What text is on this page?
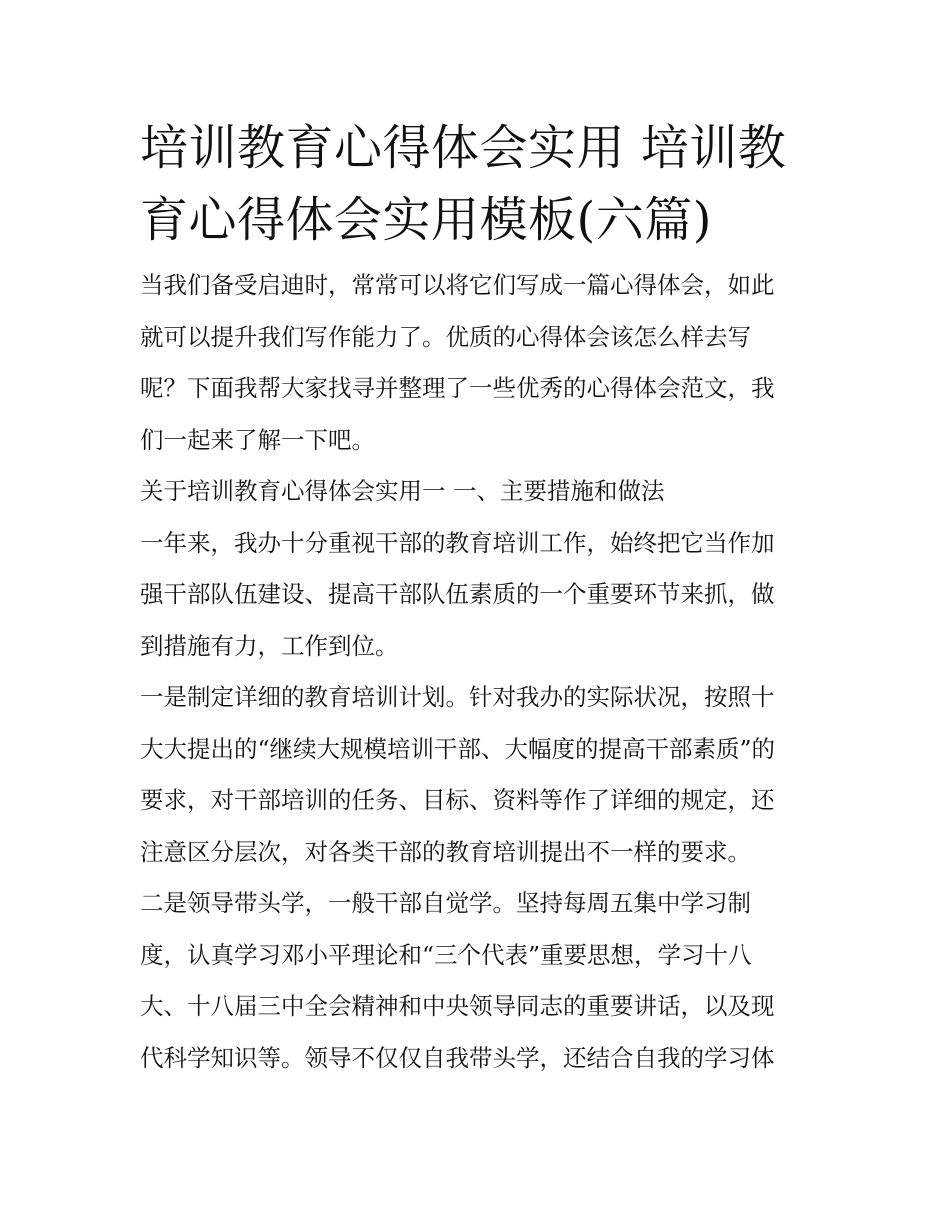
培训教育心得体会实用 培训教
育心得体会实用模板(六篇)

当我们备受启迪时，常常可以将它们写成一篇心得体会，如此
就可以提升我们写作能力了。优质的心得体会该怎么样去写
呢？下面我帮大家找寻并整理了一些优秀的心得体会范文，我
们一起来了解一下吧。

关于培训教育心得体会实用一 一、主要措施和做法

一年来，我办十分重视干部的教育培训工作，始终把它当作加
强干部队伍建设、提高干部队伍素质的一个重要环节来抓，做
到措施有力，工作到位。

一是制定详细的教育培训计划。针对我办的实际状况，按照十
大大提出的“继续大规模培训干部、大幅度的提高干部素质”的
要求，对干部培训的任务、目标、资料等作了详细的规定，还
注意区分层次，对各类干部的教育培训提出不一样的要求。

二是领导带头学，一般干部自觉学。坚持每周五集中学习制
度，认真学习邓小平理论和“三个代表”重要思想，学习十八
大、十八届三中全会精神和中央领导同志的重要讲话，以及现
代科学知识等。领导不仅仅自我带头学，还结合自我的学习体
